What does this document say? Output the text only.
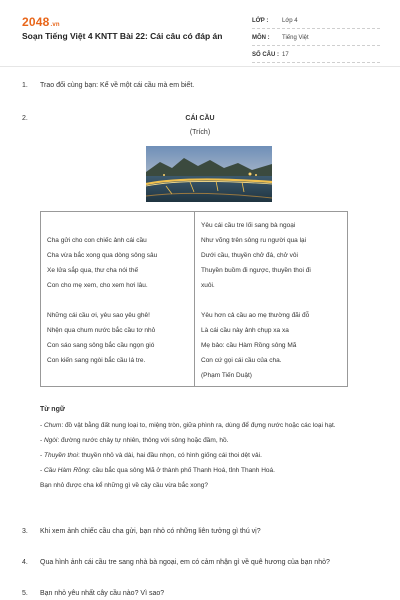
2048.vn
Soạn Tiếng Việt 4 KNTT Bài 22: Cái câu có đáp án
LỚP :	Lớp 4
MÔN :	Tiếng Việt
SỐ CÂU : 17
1. Trao đổi cùng bạn: Kể về một cái cầu mà em biết.
2.	CÁI CẦU
(Trích)
Cha gửi cho con chiếc ảnh cái cầu
Cha vừa bắc xong qua dòng sông sâu
Xe lửa sắp qua, thư cha nói thế
Con cho mẹ xem, cho xem hơi lâu.
Những cái cầu ơi, yêu sao yêu ghê!
Nhện qua chum nước bắc cầu tơ nhỏ
Con sáo sang sông bắc cầu ngọn gió
Con kiến sang ngòi bắc cầu lá tre.
Yêu cái cầu tre lối sang bà ngoại
Như võng trên sông ru người qua lại
Dưới cầu, thuyền chở đá, chở vôi
Thuyền buồm đi ngược, thuyền thoi đi
xuôi.
Yêu hơn cả cầu ao mẹ thường đãi đỗ
Là cái cầu này ảnh chụp xa xa
Mẹ bảo: cầu Hàm Rồng sông Mã
Con cứ gọi cái cầu của cha.
(Phạm Tiến Duật)
Từ ngữ
- Chum: đồ vật bằng đất nung loại to, miệng tròn, giữa phình ra, dùng để đựng nước hoặc các loại hạt.
- Ngòi: đường nước chảy tự nhiên, thông với sông hoặc đầm, hồ.
- Thuyền thoi: thuyền nhỏ và dài, hai đầu nhọn, có hình giống cái thoi dệt vải.
- Cầu Hàm Rồng: cầu bắc qua sông Mã ở thành phố Thanh Hoá, tỉnh Thanh Hoá.
Bạn nhỏ được cha kể những gì về cây cầu vừa bắc xong?
3. Khi xem ảnh chiếc cầu cha gửi, bạn nhỏ có những liên tưởng gì thú vị?
4. Qua hình ảnh cái cầu tre sang nhà bà ngoại, em có cảm nhận gì về quê hương của bạn nhỏ?
5. Bạn nhỏ yêu nhất cây cầu nào? Vì sao?
